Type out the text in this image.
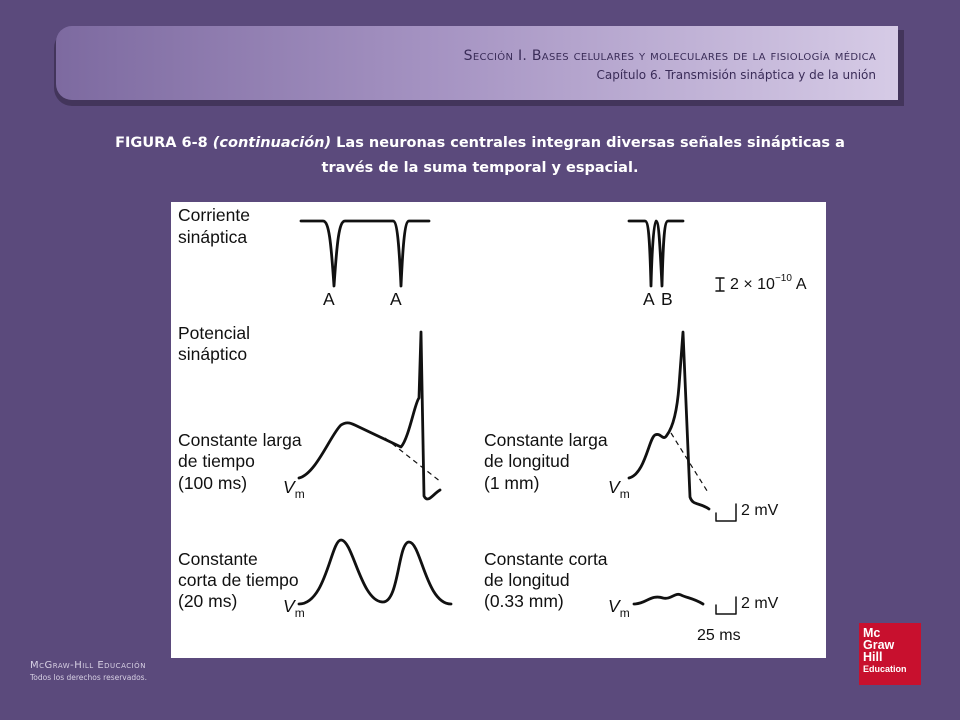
Sección I. Bases celulares y moleculares de la fisiología médica
Capítulo 6. Transmisión sináptica y de la unión
FIGURA 6-8 (continuación) Las neuronas centrales integran diversas señales sinápticas a través de la suma temporal y espacial.
Corriente
sináptica
Potencial
sináptico
Constante larga
de tiempo
(100 ms)
Constante
corta de tiempo
(20 ms)
Constante larga
de longitud
(1 mm)
Constante corta
de longitud
(0.33 mm)
A	A	A B
$V_m$
$V_m$
$V_m$
$V_m$
$2 \times 10^{-10}$ A
2 mV
2 mV
25 ms
McGraw-Hill Educación
Todos los derechos reservados.
Mc
Graw
Hill
Education
